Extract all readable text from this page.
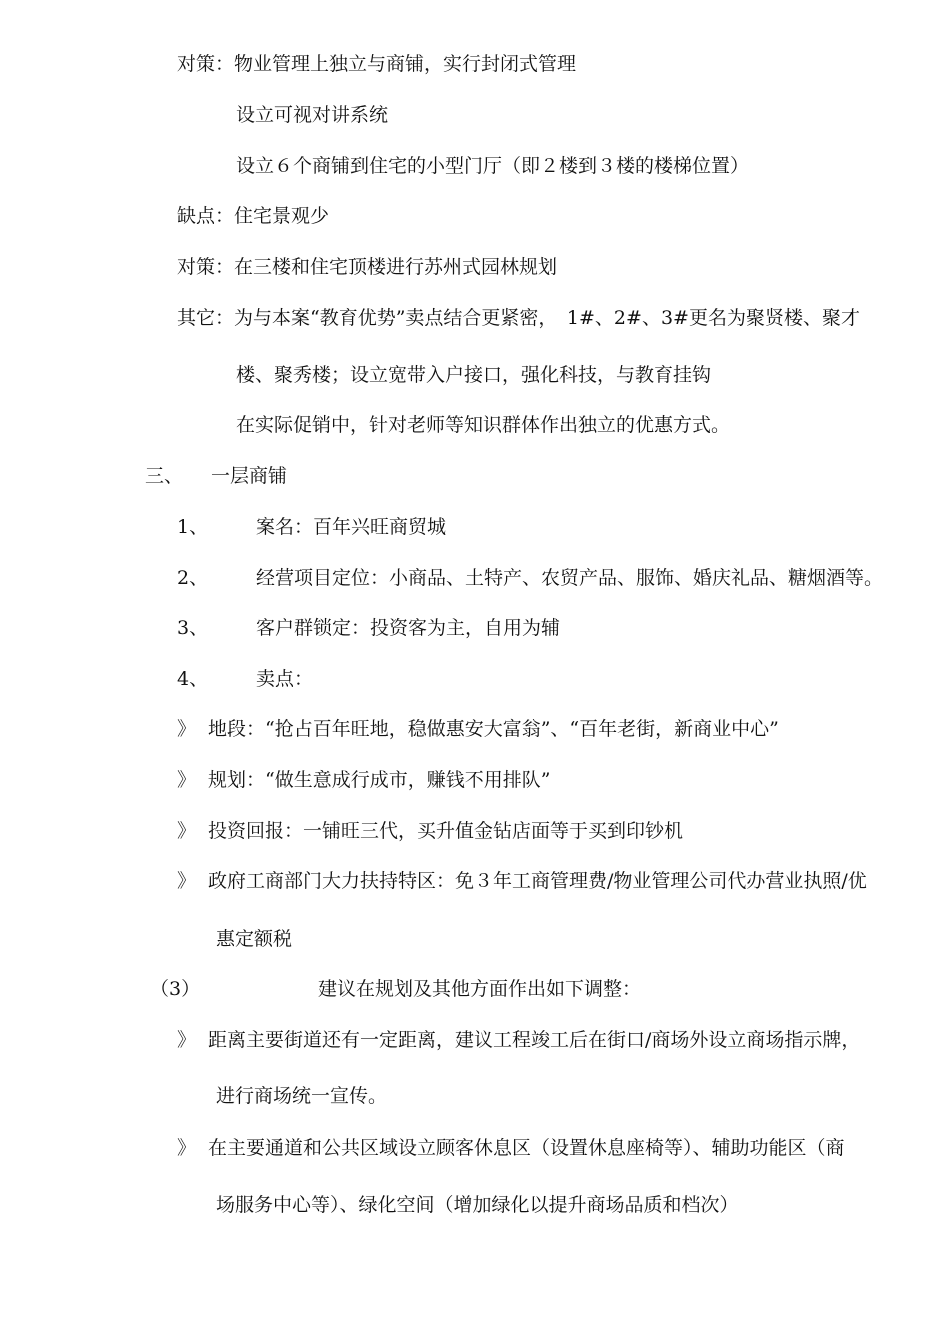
对策：物业管理上独立与商铺，实行封闭式管理
设立可视对讲系统
设立６个商铺到住宅的小型门厅（即２楼到３楼的楼梯位置）
缺点：住宅景观少
对策：在三楼和住宅顶楼进行苏州式园林规划
其它：为与本案“教育优势”卖点结合更紧密，　1#、2#、3#更名为聚贤楼、聚才
楼、聚秀楼；设立宽带入户接口，强化科技，与教育挂钩
在实际促销中，针对老师等知识群体作出独立的优惠方式。
三、 一层商铺
1、	案名：百年兴旺商贸城
2、	经营项目定位：小商品、土特产、农贸产品、服饰、婚庆礼品、糖烟酒等。
3、	客户群锁定：投资客为主，自用为辅
4、	卖点：
》 地段：“抢占百年旺地，稳做惠安大富翁”、“百年老街，新商业中心”
》 规划：“做生意成行成市，赚钱不用排队”
》 投资回报：一铺旺三代，买升值金钻店面等于买到印钞机
》 政府工商部门大力扶持特区：免３年工商管理费/物业管理公司代办营业执照/优
惠定额税
（3）	建议在规划及其他方面作出如下调整：
》 距离主要街道还有一定距离，建议工程竣工后在街口/商场外设立商场指示牌，
进行商场统一宣传。
》 在主要通道和公共区域设立顾客休息区（设置休息座椅等）、辅助功能区（商
场服务中心等）、绿化空间（增加绿化以提升商场品质和档次）
